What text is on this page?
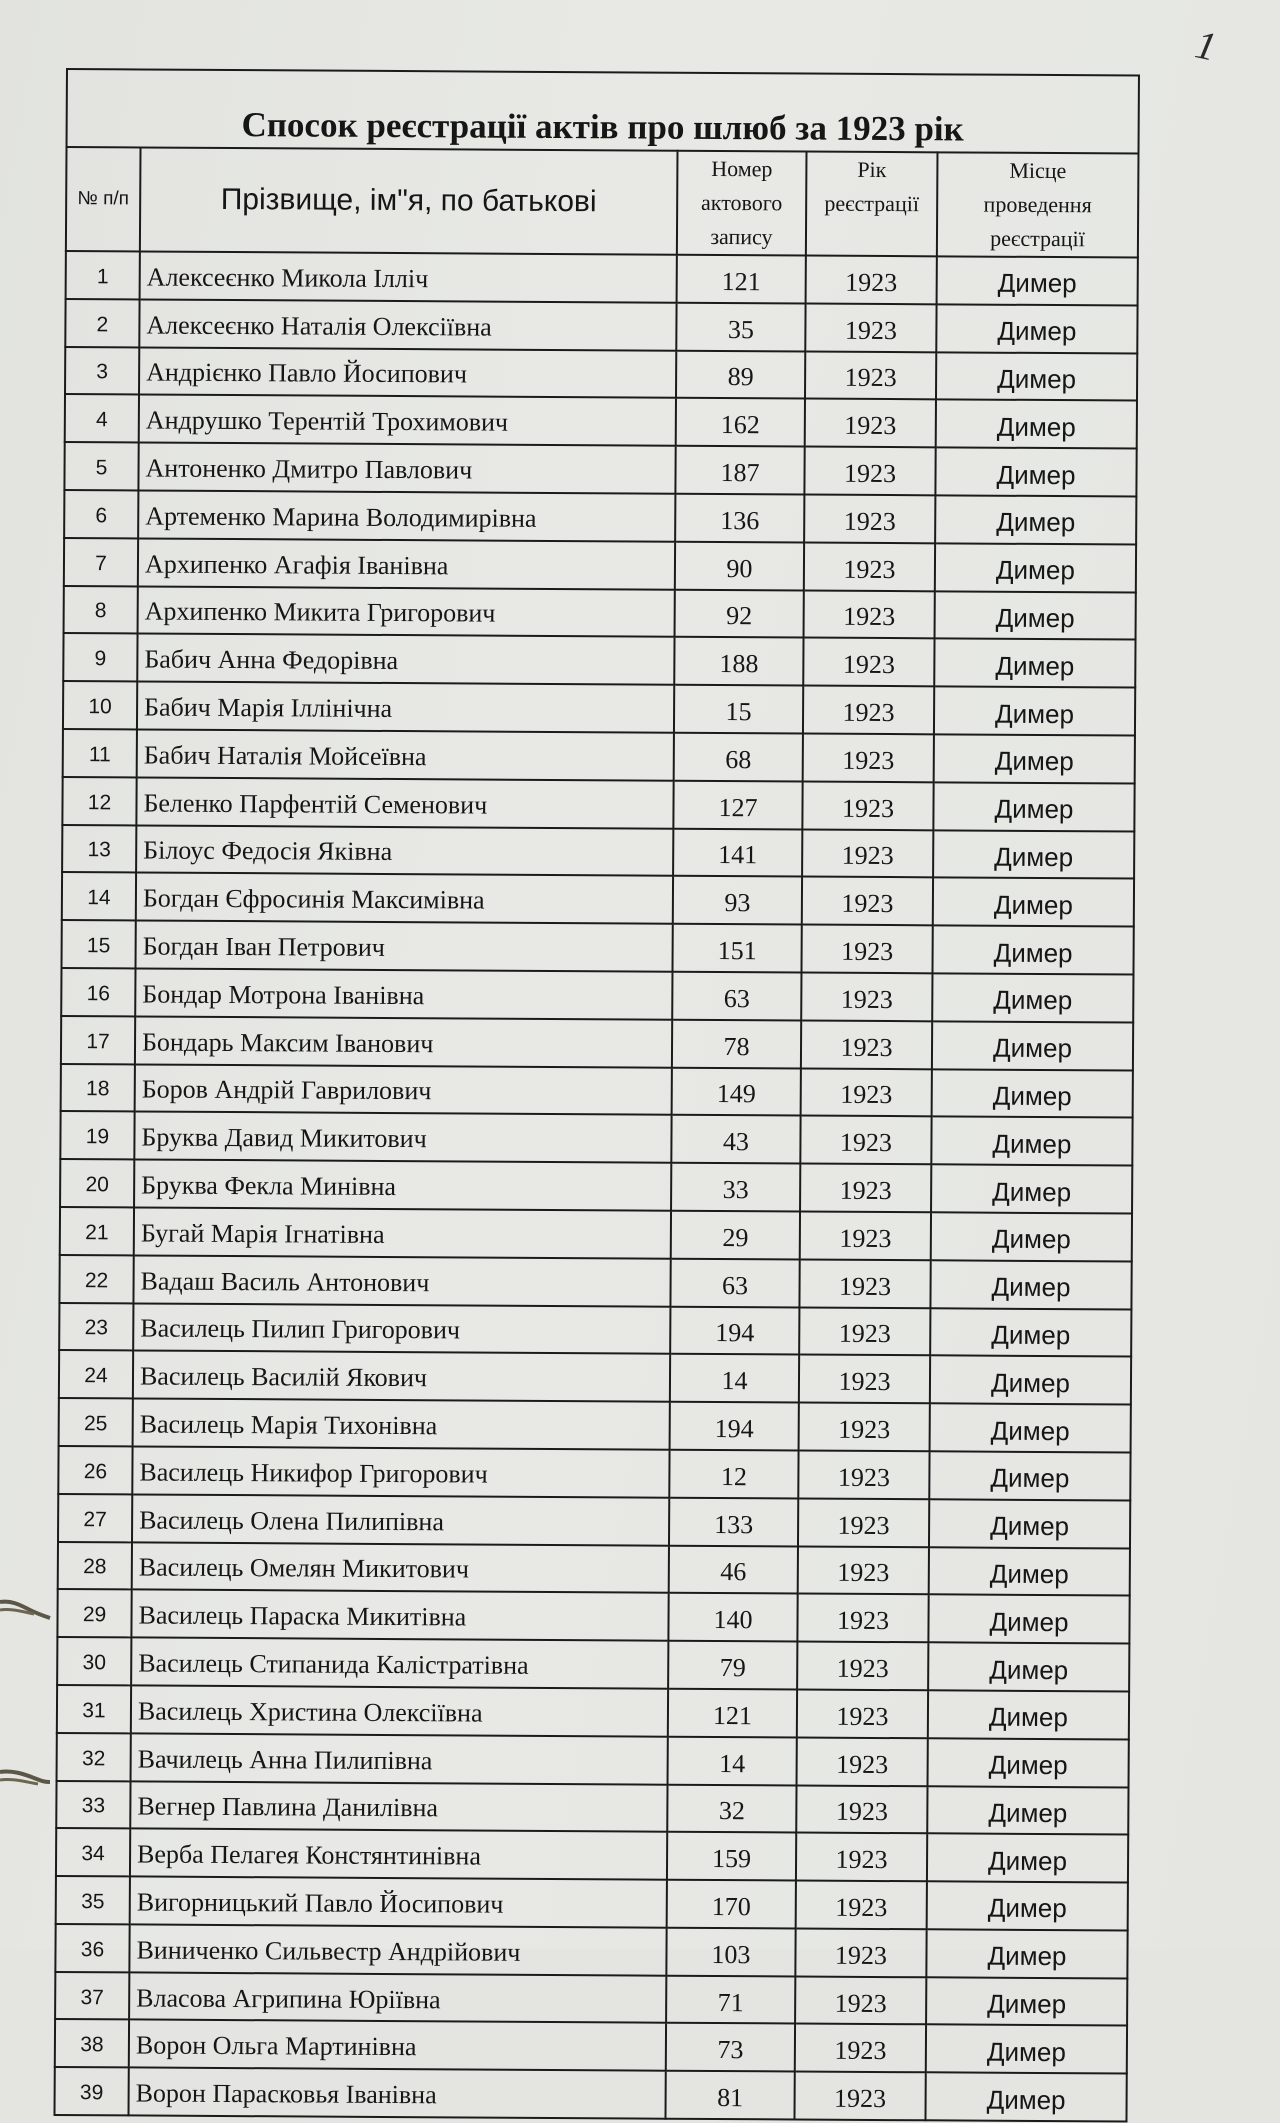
1
Спосок реєстрації актів про шлюб за 1923 рік				
№ п/п	Прізвище, ім"я, по батькові	Номер актового запису	Рік реєстрації	Місце проведення реєстрації
1	Алексеєнко Микола Ілліч	121	1923	Димер
2	Алексеєнко Наталія Олексіївна	35	1923	Димер
3	Андрієнко Павло Йосипович	89	1923	Димер
4	Андрушко Терентій Трохимович	162	1923	Димер
5	Антоненко Дмитро Павлович	187	1923	Димер
6	Артеменко Марина Володимирівна	136	1923	Димер
7	Архипенко Агафія Іванівна	90	1923	Димер
8	Архипенко Микита Григорович	92	1923	Димер
9	Бабич Анна Федорівна	188	1923	Димер
10	Бабич Марія Іллінічна	15	1923	Димер
11	Бабич Наталія Мойсеївна	68	1923	Димер
12	Беленко Парфентій Семенович	127	1923	Димер
13	Білоус Федосія Яківна	141	1923	Димер
14	Богдан Єфросинія Максимівна	93	1923	Димер
15	Богдан Іван Петрович	151	1923	Димер
16	Бондар Мотрона Іванівна	63	1923	Димер
17	Бондарь Максим Іванович	78	1923	Димер
18	Боров Андрій Гаврилович	149	1923	Димер
19	Бруква Давид Микитович	43	1923	Димер
20	Бруква Фекла Минівна	33	1923	Димер
21	Бугай Марія Ігнатівна	29	1923	Димер
22	Вадаш Василь Антонович	63	1923	Димер
23	Василець Пилип Григорович	194	1923	Димер
24	Василець Василій Якович	14	1923	Димер
25	Василець Марія Тихонівна	194	1923	Димер
26	Василець Никифор Григорович	12	1923	Димер
27	Василець Олена Пилипівна	133	1923	Димер
28	Василець Омелян Микитович	46	1923	Димер
29	Василець Параска Микитівна	140	1923	Димер
30	Василець Стипанида Калістратівна	79	1923	Димер
31	Василець Христина Олексіївна	121	1923	Димер
32	Вачилець Анна Пилипівна	14	1923	Димер
33	Вегнер Павлина Данилівна	32	1923	Димер
34	Верба Пелагея Констянтинівна	159	1923	Димер
35	Вигорницький Павло Йосипович	170	1923	Димер
36	Виниченко Сильвестр Андрійович	103	1923	Димер
37	Власова Агрипина Юріївна	71	1923	Димер
38	Ворон Ольга Мартинівна	73	1923	Димер
39	Ворон Парасковья Іванівна	81	1923	Димер
